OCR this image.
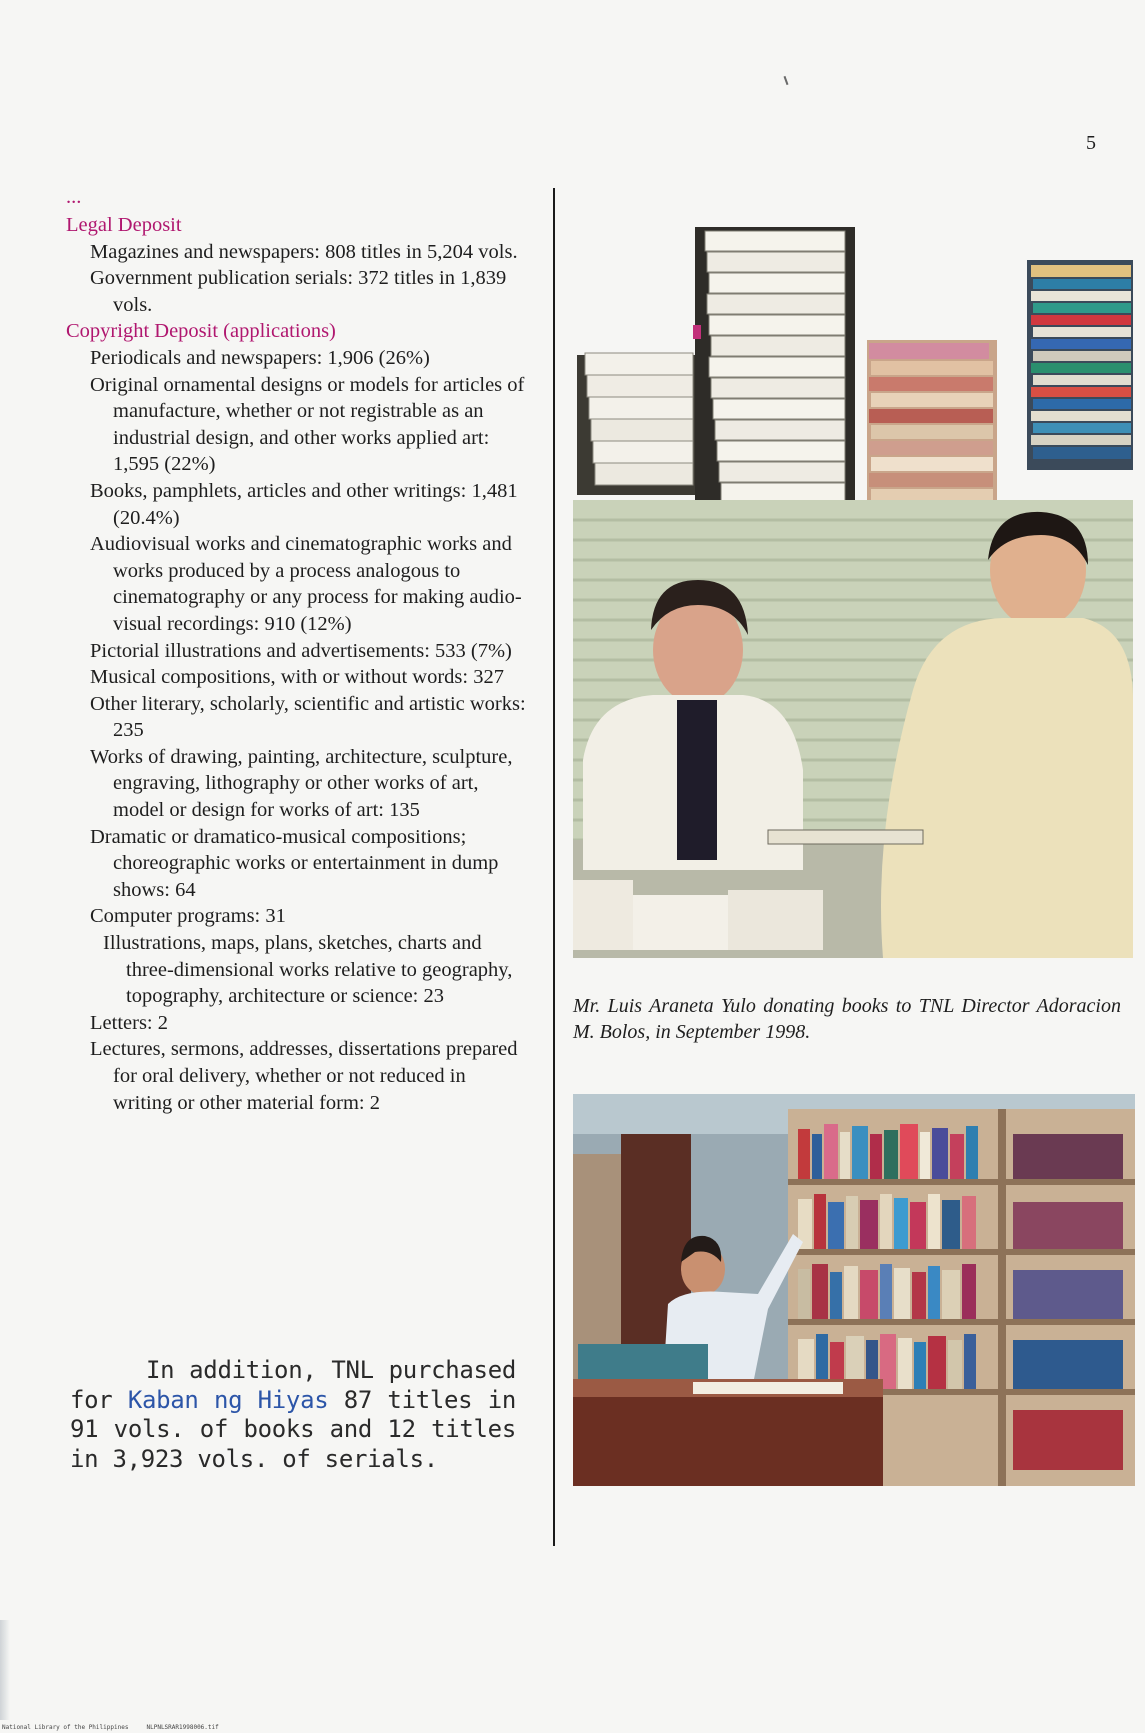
5
...
Legal Deposit
Magazines and newspapers: 808 titles in 5,204 vols.
Government publication serials: 372 titles in 1,839 vols.
Copyright Deposit (applications)
Periodicals and newspapers: 1,906 (26%)
Original ornamental designs or models for articles of manufacture, whether or not registrable as an industrial design, and other works applied art: 1,595 (22%)
Books, pamphlets, articles and other writings: 1,481 (20.4%)
Audiovisual works and cinematographic works and works produced by a process analogous to cinematography or any process for making audio-visual recordings: 910 (12%)
Pictorial illustrations and advertisements: 533 (7%)
Musical compositions, with or without words: 327
Other literary, scholarly, scientific and artistic works: 235
Works of drawing, painting, architecture, sculpture, engraving, lithography or other works of art, model or design for works of art: 135
Dramatic or dramatico-musical compositions; choreographic works or entertainment in dump shows: 64
Computer programs: 31
Illustrations, maps, plans, sketches, charts and three-dimensional works relative to geography, topography, architecture or science: 23
Letters: 2
Lectures, sermons, addresses, dissertations prepared for oral delivery, whether or not reduced in writing or other material form: 2
In addition, TNL purchased for Kaban ng Hiyas 87 titles in 91 vols. of books and 12 titles in 3,923 vols. of serials.
Mr. Luis Araneta Yulo donating books to TNL Director Adoracion M. Bolos, in September 1998.
National Library of the Philippines     NLPNLSRAR1998006.tif
